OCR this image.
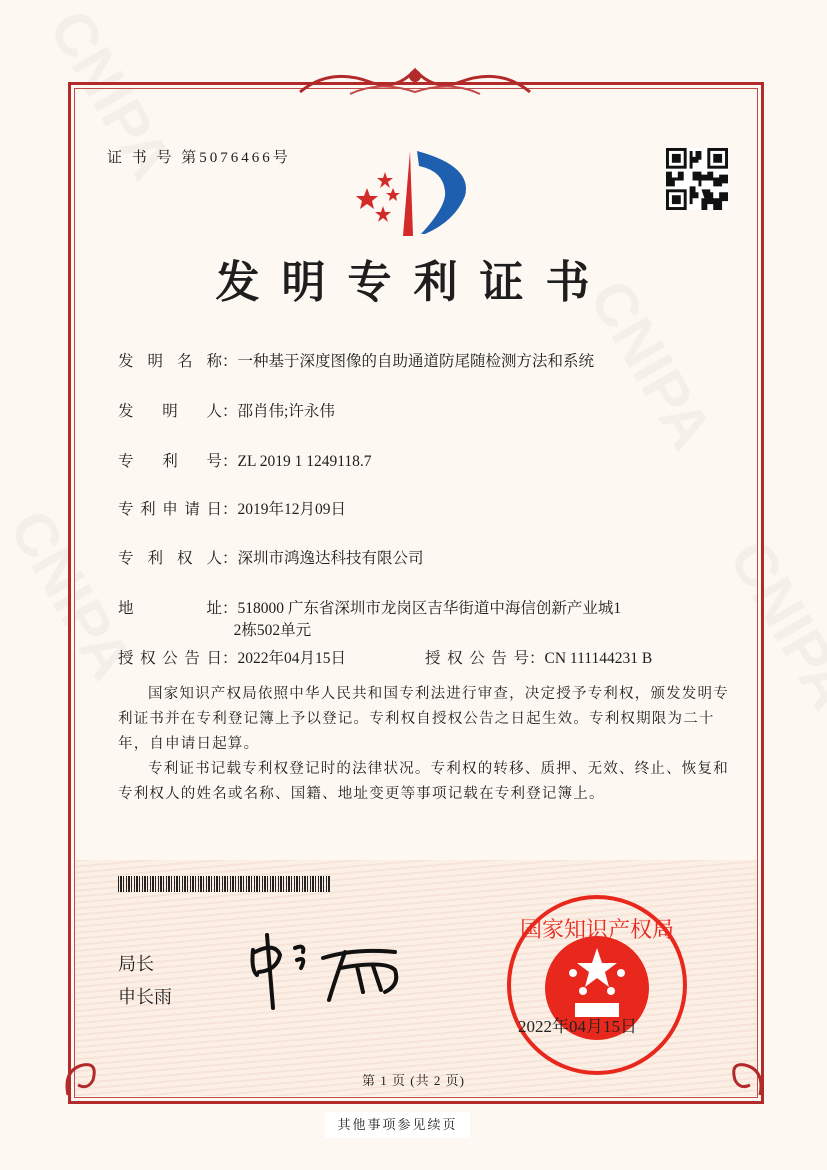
证 书 号 第5076466号
发明专利证书
发明名称：一种基于深度图像的自助通道防尾随检测方法和系统
发明人：邵肖伟;许永伟
专利号：ZL 2019 1 1249118.7
专利申请日：2019年12月09日
专利权人：深圳市鸿逸达科技有限公司
地址：518000 广东省深圳市龙岗区吉华街道中海信创新产业城1
2栋502单元
授权公告日：2022年04月15日	授权公告号：CN 111144231 B
国家知识产权局依照中华人民共和国专利法进行审查，决定授予专利权，颁发发明专利证书并在专利登记簿上予以登记。专利权自授权公告之日起生效。专利权期限为二十年，自申请日起算。
专利证书记载专利权登记时的法律状况。专利权的转移、质押、无效、终止、恢复和专利权人的姓名或名称、国籍、地址变更等事项记载在专利登记簿上。
局长
申长雨
国家知识产权局
2022年04月15日
第 1 页 (共 2 页)
其他事项参见续页
